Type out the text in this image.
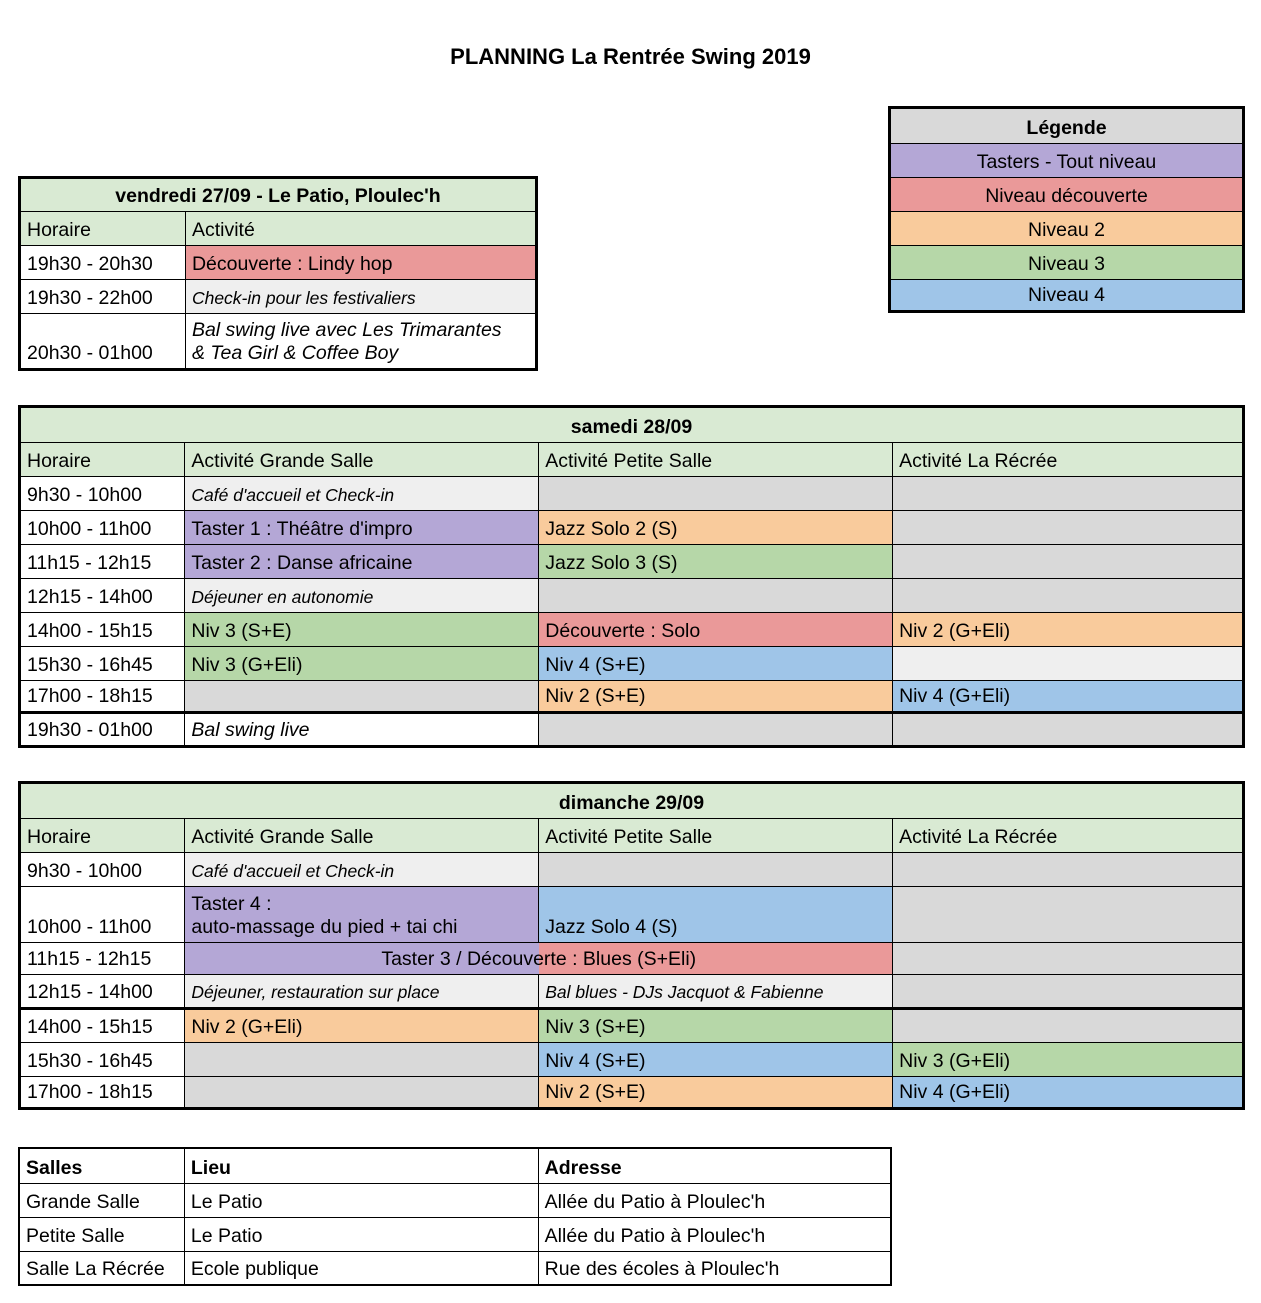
PLANNING La Rentrée Swing 2019
Légende
Tasters - Tout niveau
Niveau découverte
Niveau 2
Niveau 3
Niveau 4
vendredi 27/09 - Le Patio, Ploulec'h	
Horaire	Activité
19h30 - 20h30	Découverte : Lindy hop
19h30 - 22h00	Check-in pour les festivaliers
20h30 - 01h00	Bal swing live avec Les Trimarantes
& Tea Girl & Coffee Boy
samedi 28/09			
Horaire	Activité Grande Salle	Activité Petite Salle	Activité La Récrée
9h30 - 10h00	Café d'accueil et Check-in		
10h00 - 11h00	Taster 1 : Théâtre d'impro	Jazz Solo 2 (S)	
11h15 - 12h15	Taster 2 : Danse africaine	Jazz Solo 3 (S)	
12h15 - 14h00	Déjeuner en autonomie		
14h00 - 15h15	Niv 3 (S+E)	Découverte : Solo	Niv 2 (G+Eli)
15h30 - 16h45	Niv 3 (G+Eli)	Niv 4 (S+E)	
17h00 - 18h15		Niv 2 (S+E)	Niv 4 (G+Eli)
19h30 - 01h00	Bal swing live		
dimanche 29/09			
Horaire	Activité Grande Salle	Activité Petite Salle	Activité La Récrée
9h30 - 10h00	Café d'accueil et Check-in		
10h00 - 11h00	Taster 4 :
auto-massage du pied + tai chi	Jazz Solo 4 (S)	
11h15 - 12h15	Taster 3 / Découverte : Blues (S+Eli)		

12h15 - 14h00	Déjeuner, restauration sur place	Bal blues - DJs Jacquot & Fabienne	
14h00 - 15h15	Niv 2 (G+Eli)	Niv 3 (S+E)	
15h30 - 16h45		Niv 4 (S+E)	Niv 3 (G+Eli)
17h00 - 18h15		Niv 2 (S+E)	Niv 4 (G+Eli)
Salles	Lieu	Adresse
Grande Salle	Le Patio	Allée du Patio à Ploulec'h
Petite Salle	Le Patio	Allée du Patio à Ploulec'h
Salle La Récrée	Ecole publique	Rue des écoles à Ploulec'h
